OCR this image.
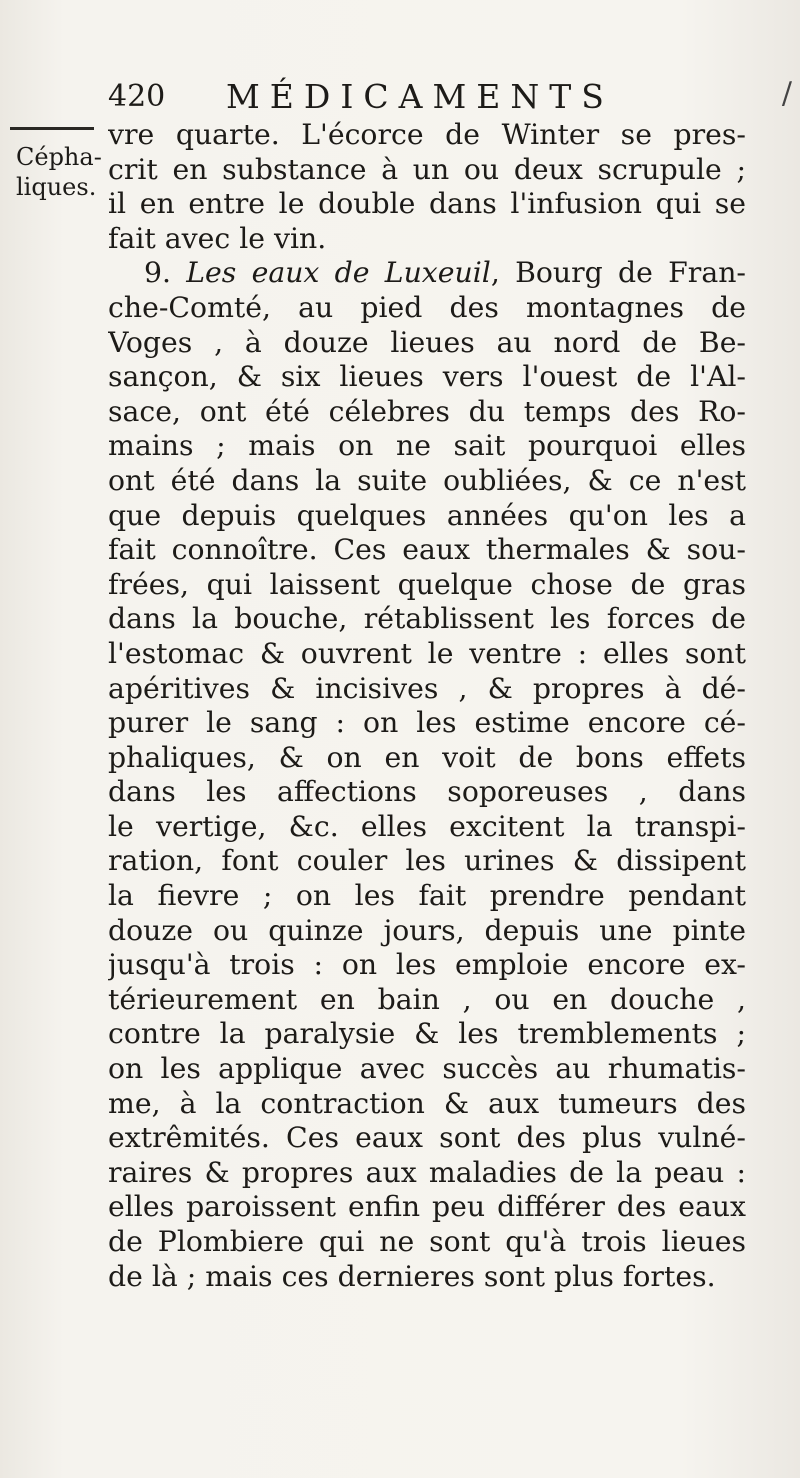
420 MÉDICAMENTS	/
Cépha-
liques.
vre quarte. L'écorce de Winter se pres-
crit en substance à un ou deux scrupule ;
il en entre le double dans l'infusion qui se
fait avec le vin.
9. Les eaux de Luxeuil, Bourg de Fran-
che-Comté, au pied des montagnes de
Voges , à douze lieues au nord de Be-
sançon, & six lieues vers l'ouest de l'Al-
sace, ont été célebres du temps des Ro-
mains ; mais on ne sait pourquoi elles
ont été dans la suite oubliées, & ce n'est
que depuis quelques années qu'on les a
fait connoître. Ces eaux thermales & sou-
frées, qui laissent quelque chose de gras
dans la bouche, rétablissent les forces de
l'estomac & ouvrent le ventre : elles sont
apéritives & incisives , & propres à dé-
purer le sang : on les estime encore cé-
phaliques, & on en voit de bons effets
dans les affections soporeuses , dans
le vertige, &c. elles excitent la transpi-
ration, font couler les urines & dissipent
la fievre ; on les fait prendre pendant
douze ou quinze jours, depuis une pinte
jusqu'à trois : on les emploie encore ex-
térieurement en bain , ou en douche ,
contre la paralysie & les tremblements ;
on les applique avec succès au rhumatis-
me, à la contraction & aux tumeurs des
extrêmités. Ces eaux sont des plus vulné-
raires & propres aux maladies de la peau :
elles paroissent enfin peu différer des eaux
de Plombiere qui ne sont qu'à trois lieues
de là ; mais ces dernieres sont plus fortes.
